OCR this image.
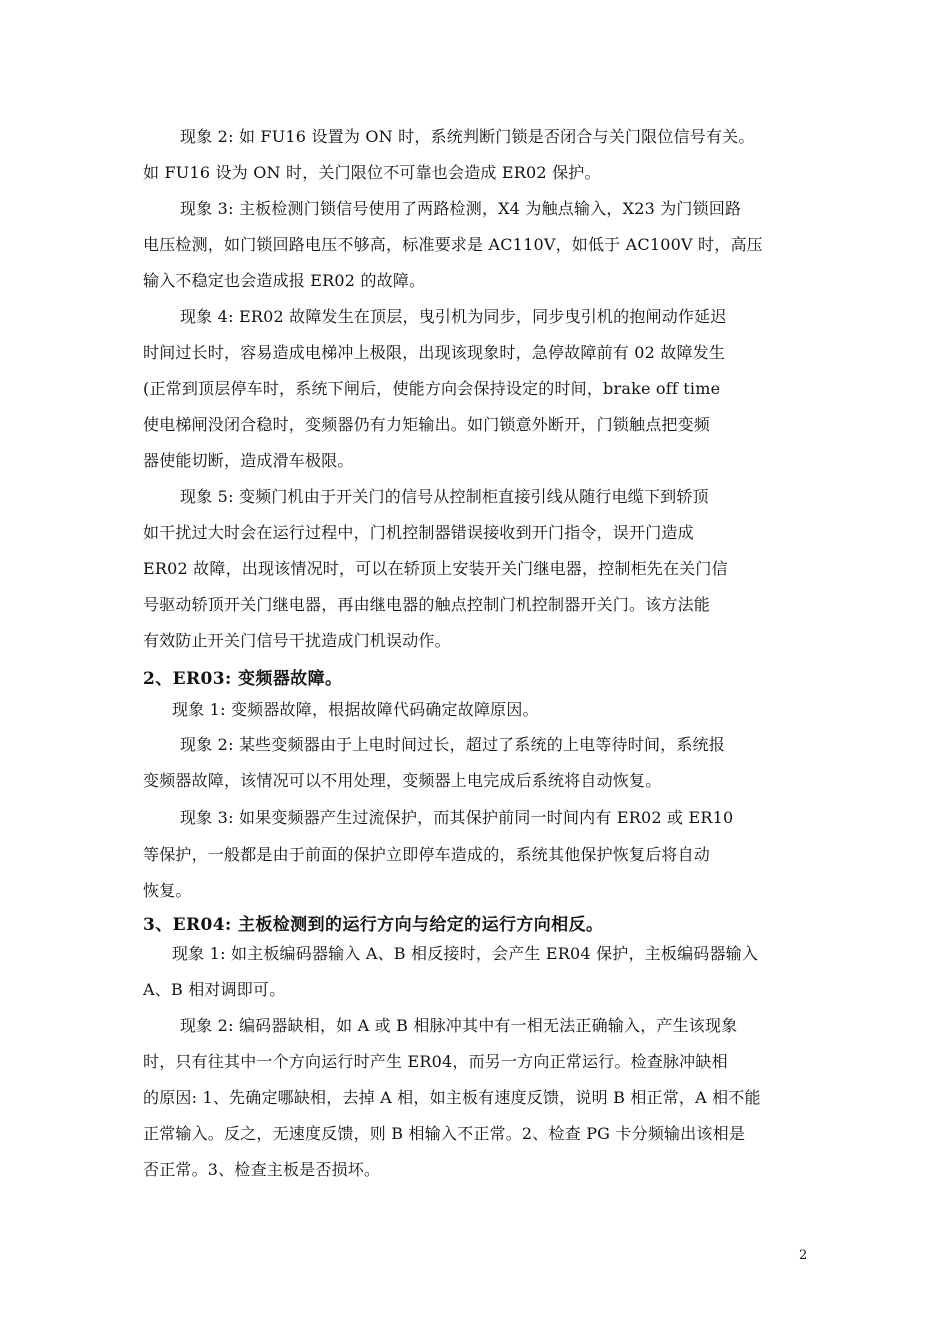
现象 2: 如 FU16 设置为 ON 时，系统判断门锁是否闭合与关门限位信号有关。
如 FU16 设为 ON 时，关门限位不可靠也会造成 ER02 保护。
现象 3: 主板检测门锁信号使用了两路检测，X4 为触点输入，X23 为门锁回路
电压检测，如门锁回路电压不够高，标准要求是 AC110V，如低于 AC100V 时，高压
输入不稳定也会造成报 ER02 的故障。
现象 4: ER02 故障发生在顶层，曳引机为同步，同步曳引机的抱闸动作延迟
时间过长时，容易造成电梯冲上极限，出现该现象时，急停故障前有 02 故障发生
(正常到顶层停车时，系统下闸后，使能方向会保持设定的时间，brake off time
使电梯闸没闭合稳时，变频器仍有力矩输出。如门锁意外断开，门锁触点把变频
器使能切断，造成滑车极限。
现象 5: 变频门机由于开关门的信号从控制柜直接引线从随行电缆下到轿顶
如干扰过大时会在运行过程中，门机控制器错误接收到开门指令，误开门造成
ER02 故障，出现该情况时，可以在轿顶上安装开关门继电器，控制柜先在关门信
号驱动轿顶开关门继电器，再由继电器的触点控制门机控制器开关门。该方法能
有效防止开关门信号干扰造成门机误动作。
2、ER03: 变频器故障。
现象 1: 变频器故障，根据故障代码确定故障原因。
现象 2: 某些变频器由于上电时间过长，超过了系统的上电等待时间，系统报
变频器故障，该情况可以不用处理，变频器上电完成后系统将自动恢复。
现象 3: 如果变频器产生过流保护，而其保护前同一时间内有 ER02 或 ER10
等保护，一般都是由于前面的保护立即停车造成的，系统其他保护恢复后将自动
恢复。
3、ER04: 主板检测到的运行方向与给定的运行方向相反。
现象 1: 如主板编码器输入 A、B 相反接时，会产生 ER04 保护，主板编码器输入
A、B 相对调即可。
现象 2: 编码器缺相，如 A 或 B 相脉冲其中有一相无法正确输入，产生该现象
时，只有往其中一个方向运行时产生 ER04，而另一方向正常运行。检查脉冲缺相
的原因: 1、先确定哪缺相，去掉 A 相，如主板有速度反馈，说明 B 相正常，A 相不能
正常输入。反之，无速度反馈，则 B 相输入不正常。2、检查 PG 卡分频输出该相是
否正常。3、检查主板是否损坏。
2
